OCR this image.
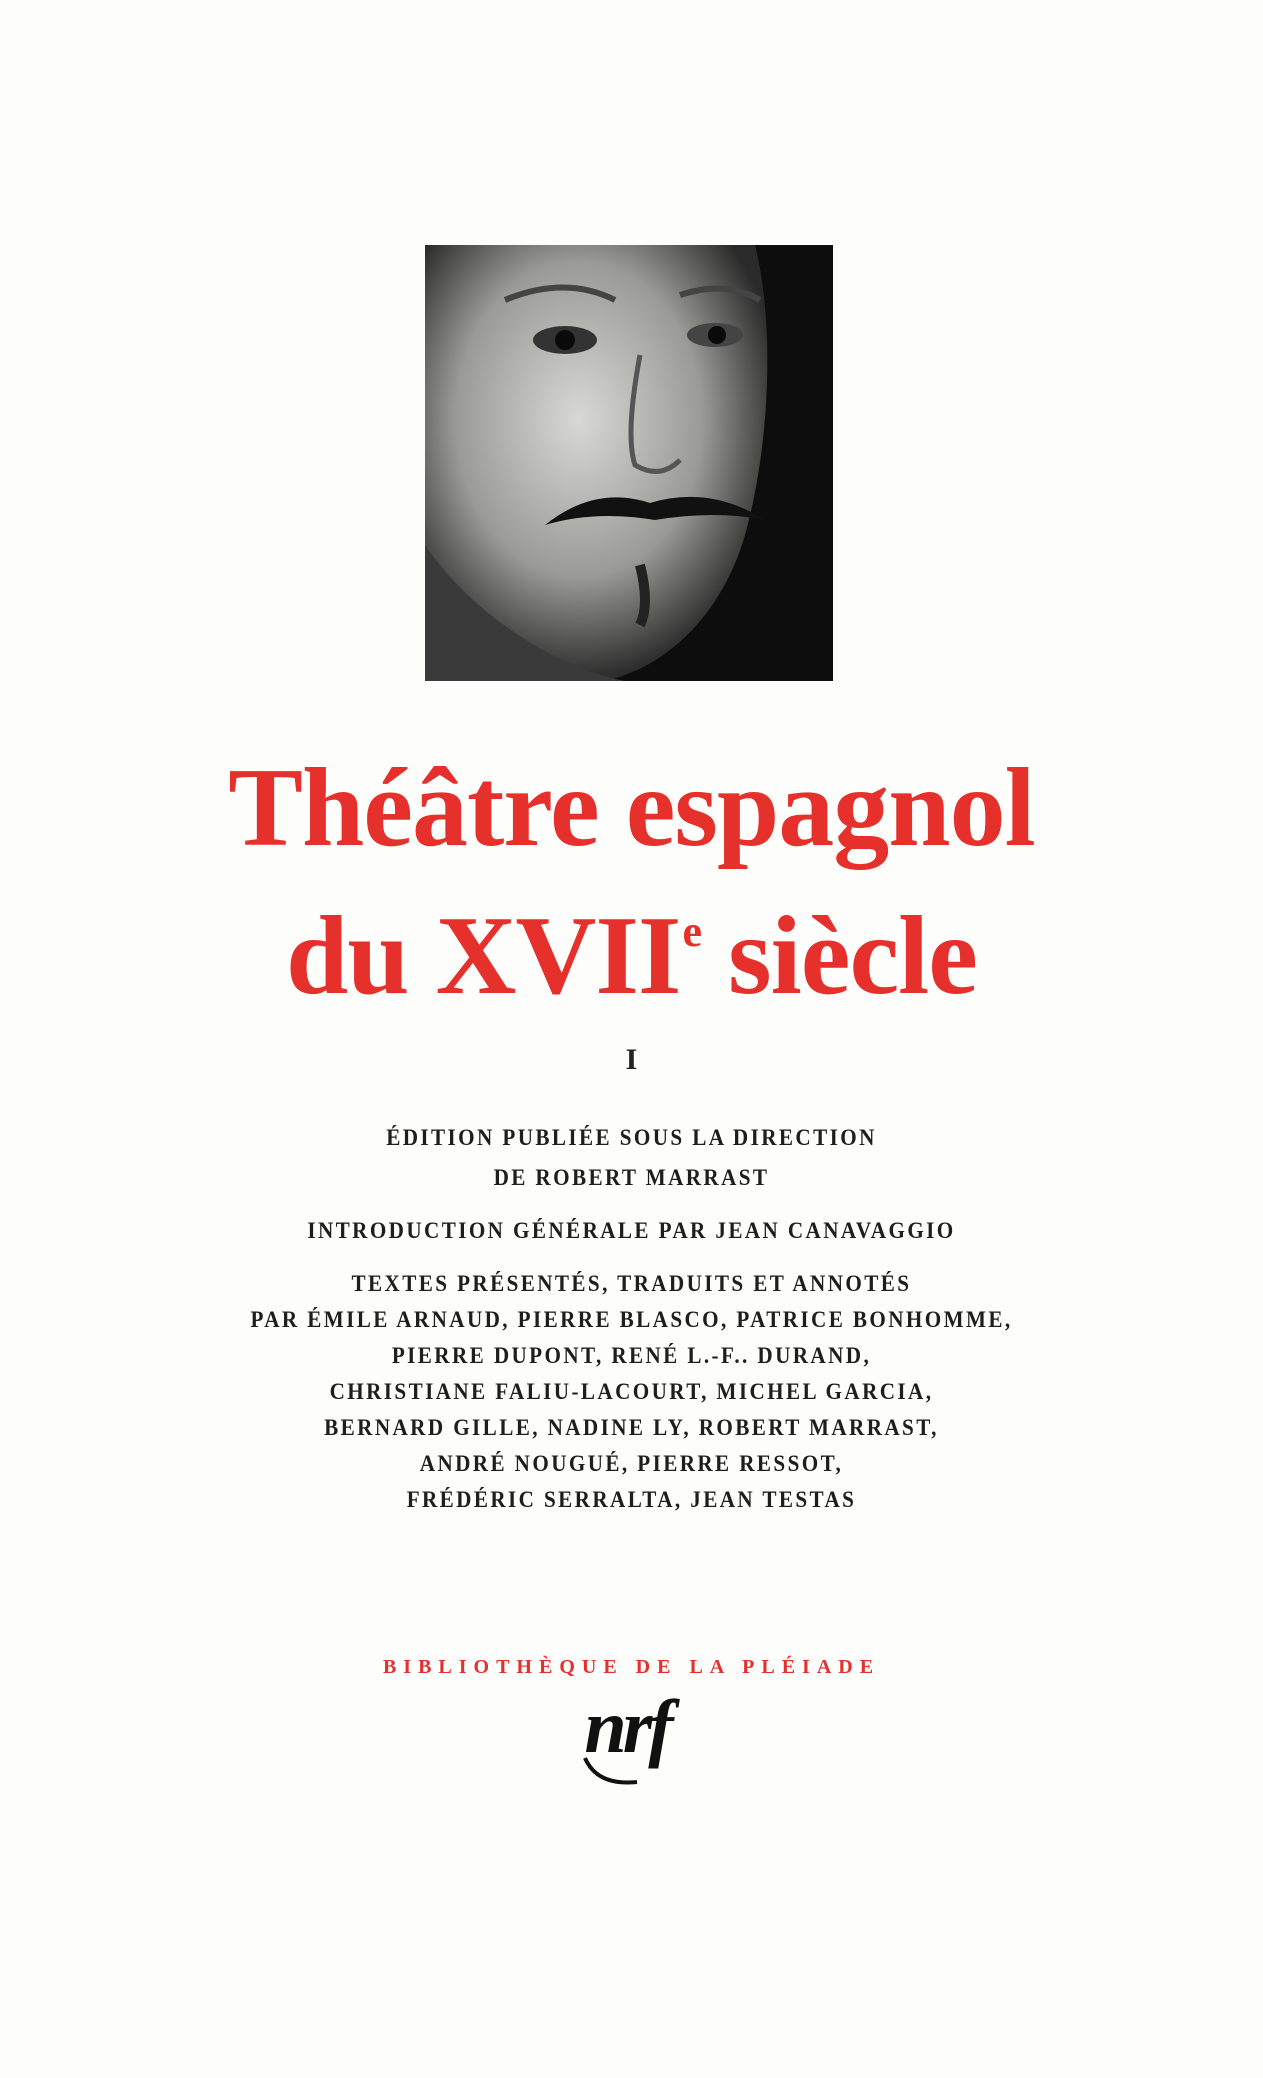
Théâtre espagnol
du XVIIe siècle
I
ÉDITION PUBLIÉE SOUS LA DIRECTION
DE ROBERT MARRAST
INTRODUCTION GÉNÉRALE PAR JEAN CANAVAGGIO
TEXTES PRÉSENTÉS, TRADUITS ET ANNOTÉS
PAR ÉMILE ARNAUD, PIERRE BLASCO, PATRICE BONHOMME,
PIERRE DUPONT, RENÉ L.-F.. DURAND,
CHRISTIANE FALIU-LACOURT, MICHEL GARCIA,
BERNARD GILLE, NADINE LY, ROBERT MARRAST,
ANDRÉ NOUGUÉ, PIERRE RESSOT,
FRÉDÉRIC SERRALTA, JEAN TESTAS
BIBLIOTHÈQUE DE LA PLÉIADE
nrf
